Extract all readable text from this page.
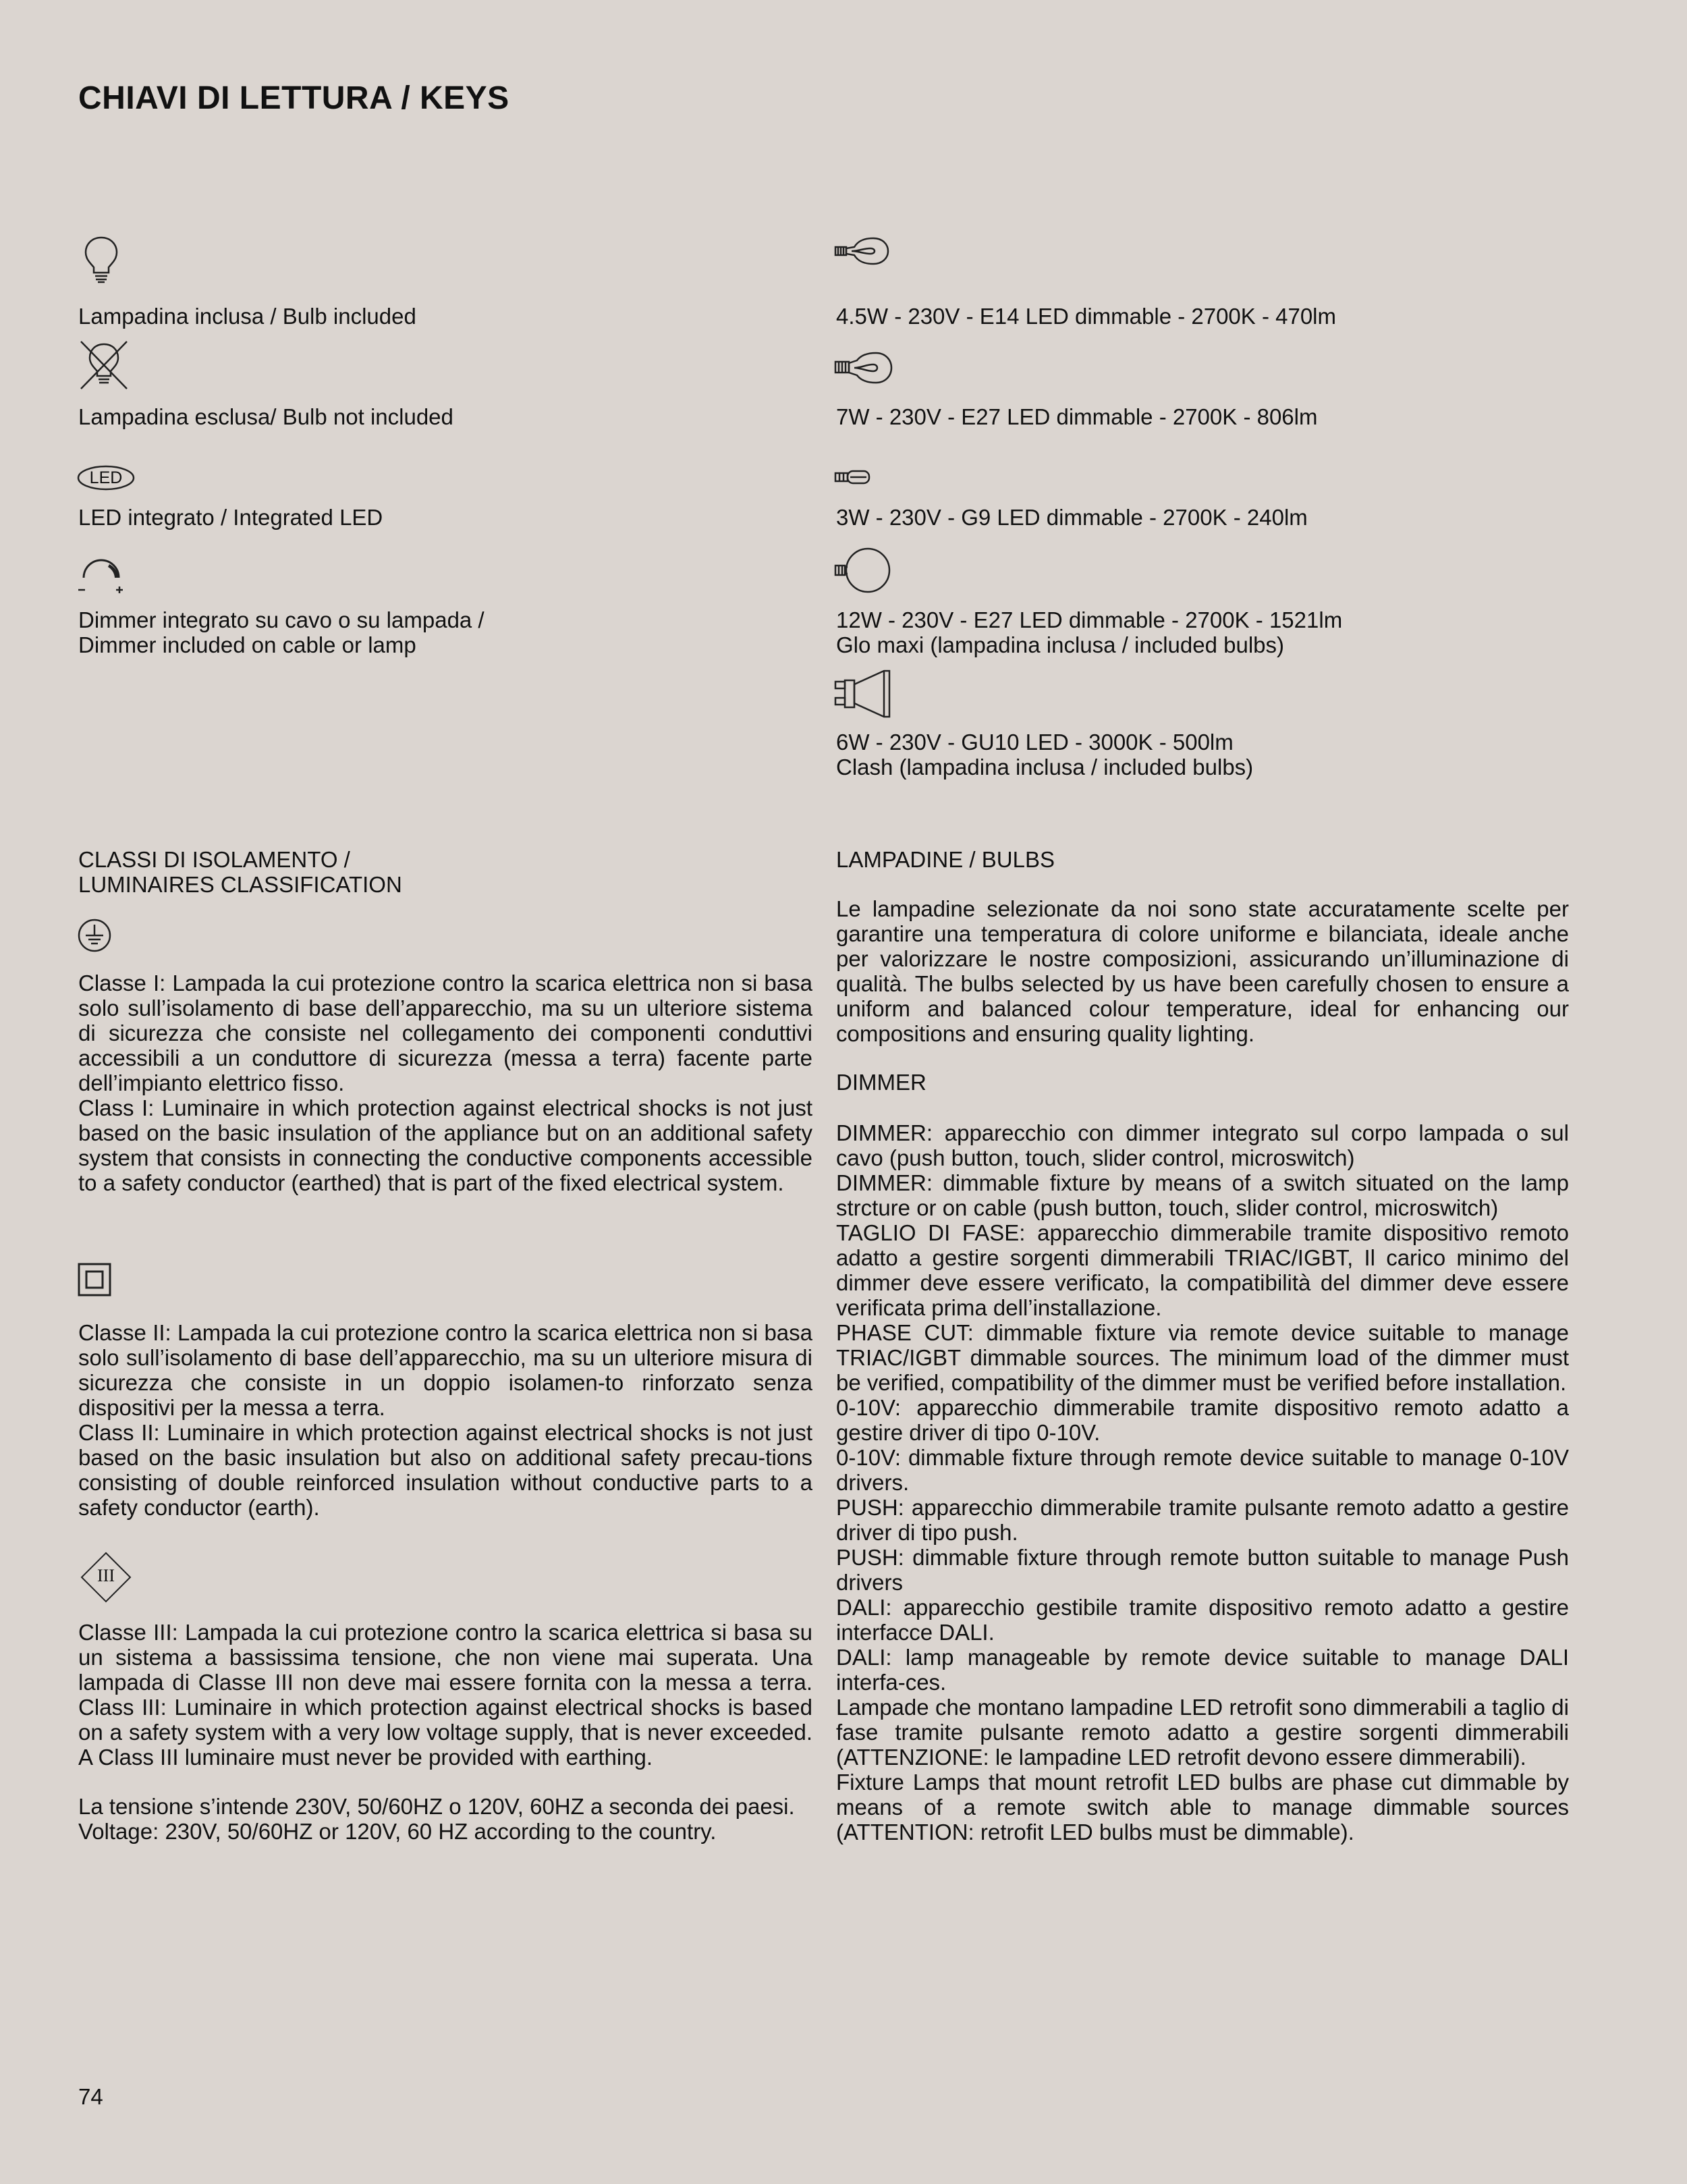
CHIAVI DI LETTURA / KEYS
Lampadina inclusa / Bulb included
Lampadina esclusa/ Bulb not included
LED
LED integrato / Integrated LED
Dimmer integrato su cavo o su lampada /
Dimmer included on cable or lamp
4.5W - 230V - E14 LED dimmable - 2700K - 470lm
7W - 230V - E27 LED dimmable - 2700K - 806lm
3W - 230V - G9 LED dimmable - 2700K - 240lm
12W - 230V - E27 LED dimmable - 2700K - 1521lm
Glo maxi (lampadina inclusa / included bulbs)
6W - 230V - GU10 LED - 3000K - 500lm
Clash (lampadina inclusa / included bulbs)
CLASSI DI ISOLAMENTO /
LUMINAIRES CLASSIFICATION

Classe I: Lampada la cui protezione contro la scarica elettrica non si basa solo sull’isolamento di base dell’apparecchio, ma su un ulteriore sistema di sicurezza che consiste nel collegamento dei componenti conduttivi accessibili a un conduttore di sicurezza (messa a terra) facente parte dell’impianto elettrico fisso.

Class I: Luminaire in which protection against electrical shocks is not just based on the basic insulation of the appliance but on an additional safety system that consists in connecting the conductive components accessible to a safety conductor (earthed) that is part of the fixed electrical system.

Classe II: Lampada la cui protezione contro la scarica elettrica non si basa solo sull’isolamento di base dell’apparecchio, ma su un ulteriore misura di sicurezza che consiste in un doppio isolamen-to rinforzato senza dispositivi per la messa a terra.

Class II: Luminaire in which protection against electrical shocks is not just based on the basic insulation but also on additional safety precau-tions consisting of double reinforced insulation without conductive parts to a safety conductor (earth).

III
Classe III: Lampada la cui protezione contro la scarica elettrica si basa su un sistema a bassissima tensione, che non viene mai superata. Una lampada di Classe III non deve mai essere fornita con la messa a terra. Class III: Luminaire in which protection against electrical shocks is based on a safety system with a very low voltage supply, that is never exceeded. A Class III luminaire must never be provided with earthing.

La tensione s’intende 230V, 50/60HZ o 120V, 60HZ a seconda dei paesi.

Voltage: 230V, 50/60HZ or 120V, 60 HZ according to the country.

LAMPADINE / BULBS
Le lampadine selezionate da noi sono state accuratamente scelte per garantire una temperatura di colore uniforme e bilanciata, ideale anche per valorizzare le nostre composizioni, assicurando un’illuminazione di qualità. The bulbs selected by us have been carefully chosen to ensure a uniform and balanced colour temperature, ideal for enhancing our compositions and ensuring quality lighting.
DIMMER

DIMMER: apparecchio con dimmer integrato sul corpo lampada o sul cavo (push button, touch, slider control, microswitch)

DIMMER: dimmable fixture by means of a switch situated on the lamp strcture or on cable (push button, touch, slider control, microswitch)

TAGLIO DI FASE: apparecchio dimmerabile tramite dispositivo remoto adatto a gestire sorgenti dimmerabili TRIAC/IGBT, Il carico minimo del dimmer deve essere verificato, la compatibilità del dimmer deve essere verificata prima dell’installazione.

PHASE CUT: dimmable fixture via remote device suitable to manage TRIAC/IGBT dimmable sources. The minimum load of the dimmer must be verified, compatibility of the dimmer must be verified before installation.

0-10V: apparecchio dimmerabile tramite dispositivo remoto adatto a gestire driver di tipo 0-10V.

0-10V: dimmable fixture through remote device suitable to manage 0-10V drivers.

PUSH: apparecchio dimmerabile tramite pulsante remoto adatto a gestire driver di tipo push.

PUSH: dimmable fixture through remote button suitable to manage Push drivers

DALI: apparecchio gestibile tramite dispositivo remoto adatto a gestire interfacce DALI.

DALI: lamp manageable by remote device suitable to manage DALI interfa-ces.

Lampade che montano lampadine LED retrofit sono dimmerabili a taglio di fase tramite pulsante remoto adatto a gestire sorgenti dimmerabili (ATTENZIONE: le lampadine LED retrofit devono essere dimmerabili).

Fixture Lamps that mount retrofit LED bulbs are phase cut dimmable by means of a remote switch able to manage dimmable sources (ATTENTION: retrofit LED bulbs must be dimmable).

74
